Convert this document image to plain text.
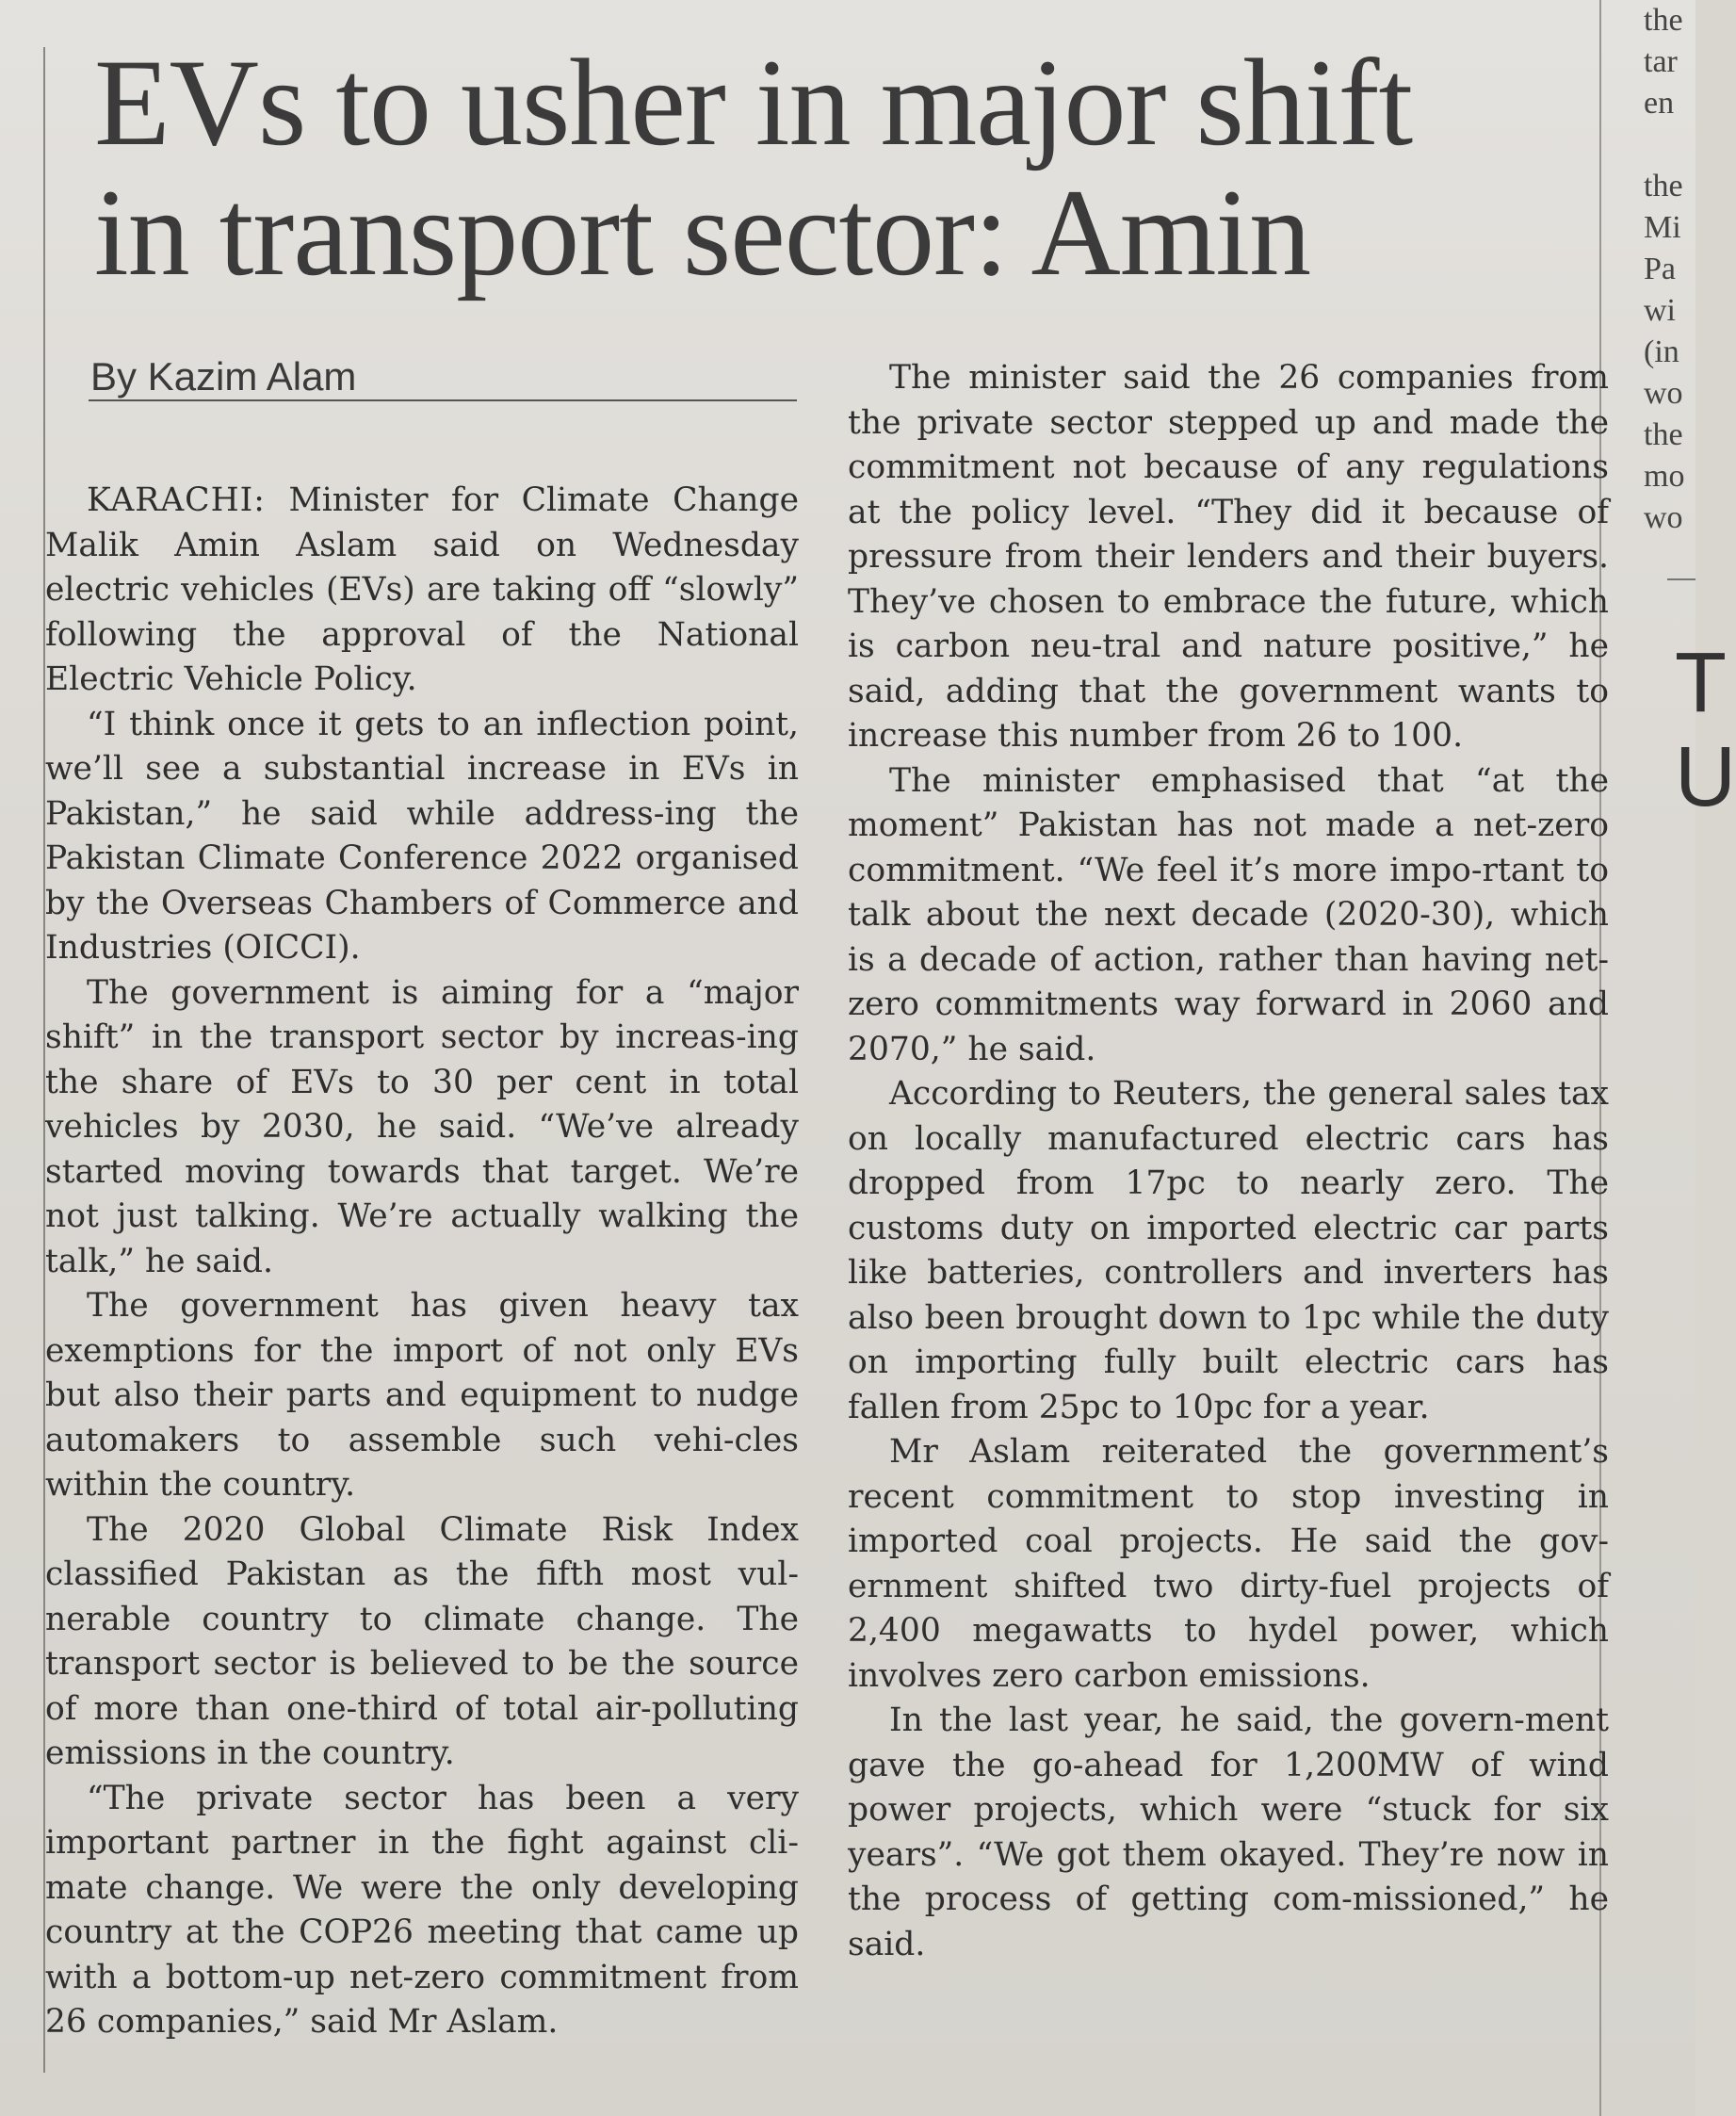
EVs to usher in major shift
in transport sector: Amin
By Kazim Alam

KARACHI: Minister for Climate Change Malik Amin Aslam said on Wednesday electric vehicles (EVs) are taking off “slowly” following the approval of the National Electric Vehicle Policy.

“I think once it gets to an inflection point, we’ll see a substantial increase in EVs in Pakistan,” he said while address-ing the Pakistan Climate Conference 2022 organised by the Overseas Chambers of Commerce and Industries (OICCI).

The government is aiming for a “major shift” in the transport sector by increas-ing the share of EVs to 30 per cent in total vehicles by 2030, he said. “We’ve already started moving towards that target. We’re not just talking. We’re actually walking the talk,” he said.

The government has given heavy tax exemptions for the import of not only EVs but also their parts and equipment to nudge automakers to assemble such vehi-cles within the country.

The 2020 Global Climate Risk Index classified Pakistan as the fifth most vul-nerable country to climate change. The transport sector is believed to be the source of more than one-third of total air-polluting emissions in the country.

“The private sector has been a very important partner in the fight against cli-mate change. We were the only developing country at the COP26 meeting that came up with a bottom-up net-zero commitment from 26 companies,” said Mr Aslam.

The minister said the 26 companies from the private sector stepped up and made the commitment not because of any regulations at the policy level. “They did it because of pressure from their lenders and their buyers. They’ve chosen to embrace the future, which is carbon neu-tral and nature positive,” he said, adding that the government wants to increase this number from 26 to 100.

The minister emphasised that “at the moment” Pakistan has not made a net-zero commitment. “We feel it’s more impo-rtant to talk about the next decade (2020-30), which is a decade of action, rather than having net-zero commitments way forward in 2060 and 2070,” he said.

According to Reuters, the general sales tax on locally manufactured electric cars has dropped from 17pc to nearly zero. The customs duty on imported electric car parts like batteries, controllers and inverters has also been brought down to 1pc while the duty on importing fully built electric cars has fallen from 25pc to 10pc for a year.

Mr Aslam reiterated the government’s recent commitment to stop investing in imported coal projects. He said the gov-ernment shifted two dirty-fuel projects of 2,400 megawatts to hydel power, which involves zero carbon emissions.

In the last year, he said, the govern-ment gave the go-ahead for 1,200MW of wind power projects, which were “stuck for six years”. “We got them okayed. They’re now in the process of getting com-missioned,” he said.

the
tar
en
the
Mi
Pa
wi
(in
wo
the
mo
wo
T
U
